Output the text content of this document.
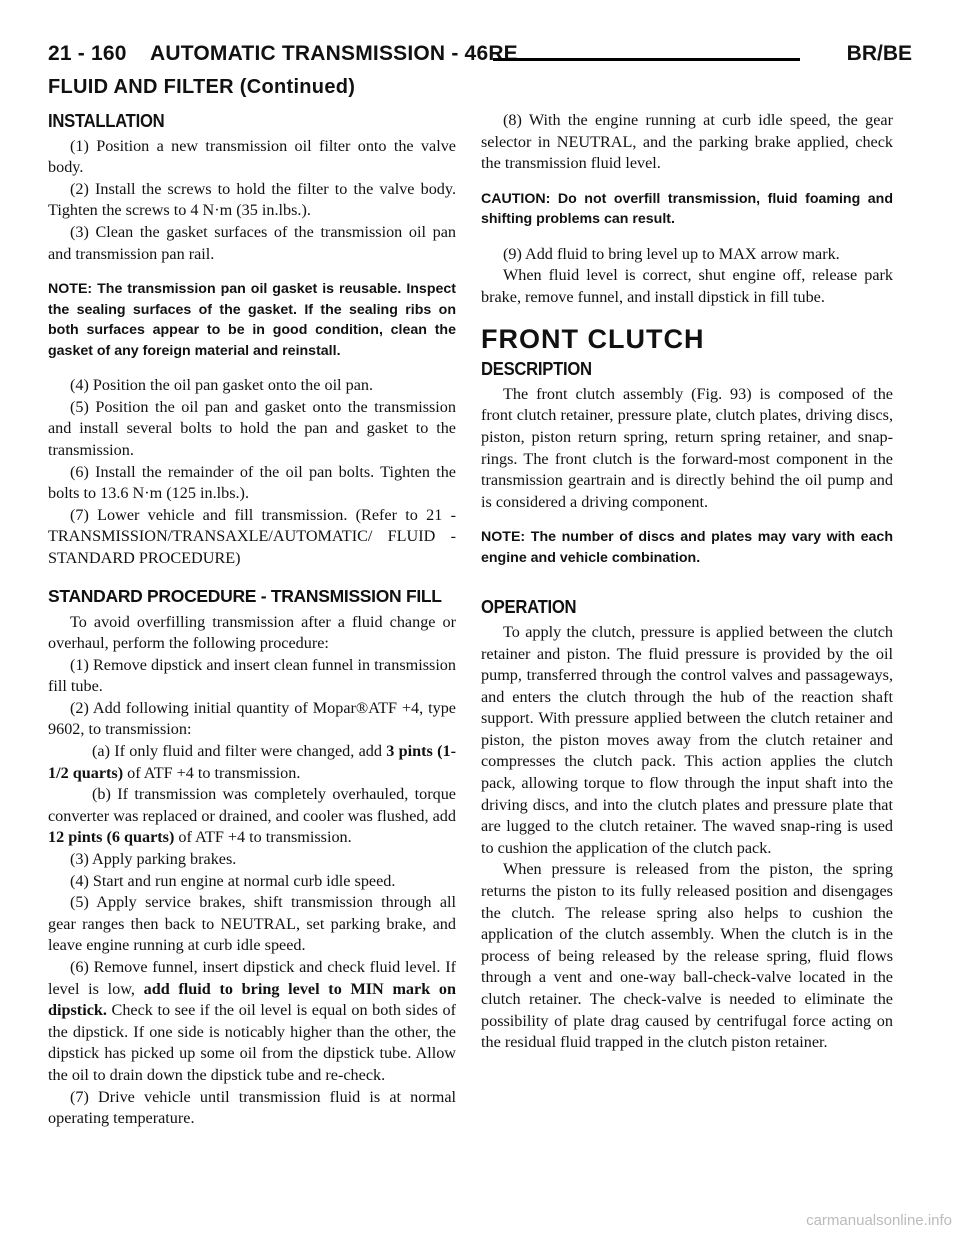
21 - 160    AUTOMATIC TRANSMISSION - 46RE	BR/BE
FLUID AND FILTER (Continued)
INSTALLATION

(1) Position a new transmission oil filter onto the valve body.

(2) Install the screws to hold the filter to the valve body. Tighten the screws to 4 N·m (35 in.lbs.).

(3) Clean the gasket surfaces of the transmission oil pan and transmission pan rail.

NOTE: The transmission pan oil gasket is reusable. Inspect the sealing surfaces of the gasket. If the sealing ribs on both surfaces appear to be in good condition, clean the gasket of any foreign material and reinstall.

(4) Position the oil pan gasket onto the oil pan.

(5) Position the oil pan and gasket onto the transmission and install several bolts to hold the pan and gasket to the transmission.

(6) Install the remainder of the oil pan bolts. Tighten the bolts to 13.6 N·m (125 in.lbs.).

(7) Lower vehicle and fill transmission. (Refer to 21 - TRANSMISSION/TRANSAXLE/AUTOMATIC/ FLUID - STANDARD PROCEDURE)

STANDARD PROCEDURE - TRANSMISSION FILL

To avoid overfilling transmission after a fluid change or overhaul, perform the following procedure:

(1) Remove dipstick and insert clean funnel in transmission fill tube.

(2) Add following initial quantity of Mopar®ATF +4, type 9602, to transmission:

(a) If only fluid and filter were changed, add 3 pints (1-1/2 quarts) of ATF +4 to transmission.

(b) If transmission was completely overhauled, torque converter was replaced or drained, and cooler was flushed, add 12 pints (6 quarts) of ATF +4 to transmission.

(3) Apply parking brakes.

(4) Start and run engine at normal curb idle speed.

(5) Apply service brakes, shift transmission through all gear ranges then back to NEUTRAL, set parking brake, and leave engine running at curb idle speed.

(6) Remove funnel, insert dipstick and check fluid level. If level is low, add fluid to bring level to MIN mark on dipstick. Check to see if the oil level is equal on both sides of the dipstick. If one side is noticably higher than the other, the dipstick has picked up some oil from the dipstick tube. Allow the oil to drain down the dipstick tube and re-check.

(7) Drive vehicle until transmission fluid is at normal operating temperature.

(8) With the engine running at curb idle speed, the gear selector in NEUTRAL, and the parking brake applied, check the transmission fluid level.

CAUTION: Do not overfill transmission, fluid foaming and shifting problems can result.

(9) Add fluid to bring level up to MAX arrow mark.

When fluid level is correct, shut engine off, release park brake, remove funnel, and install dipstick in fill tube.

FRONT CLUTCH
DESCRIPTION

The front clutch assembly (Fig. 93) is composed of the front clutch retainer, pressure plate, clutch plates, driving discs, piston, piston return spring, return spring retainer, and snap-rings. The front clutch is the forward-most component in the transmission geartrain and is directly behind the oil pump and is considered a driving component.

NOTE: The number of discs and plates may vary with each engine and vehicle combination.
OPERATION

To apply the clutch, pressure is applied between the clutch retainer and piston. The fluid pressure is provided by the oil pump, transferred through the control valves and passageways, and enters the clutch through the hub of the reaction shaft support. With pressure applied between the clutch retainer and piston, the piston moves away from the clutch retainer and compresses the clutch pack. This action applies the clutch pack, allowing torque to flow through the input shaft into the driving discs, and into the clutch plates and pressure plate that are lugged to the clutch retainer. The waved snap-ring is used to cushion the application of the clutch pack.

When pressure is released from the piston, the spring returns the piston to its fully released position and disengages the clutch. The release spring also helps to cushion the application of the clutch assembly. When the clutch is in the process of being released by the release spring, fluid flows through a vent and one-way ball-check-valve located in the clutch retainer. The check-valve is needed to eliminate the possibility of plate drag caused by centrifugal force acting on the residual fluid trapped in the clutch piston retainer.

carmanualsonline.info
